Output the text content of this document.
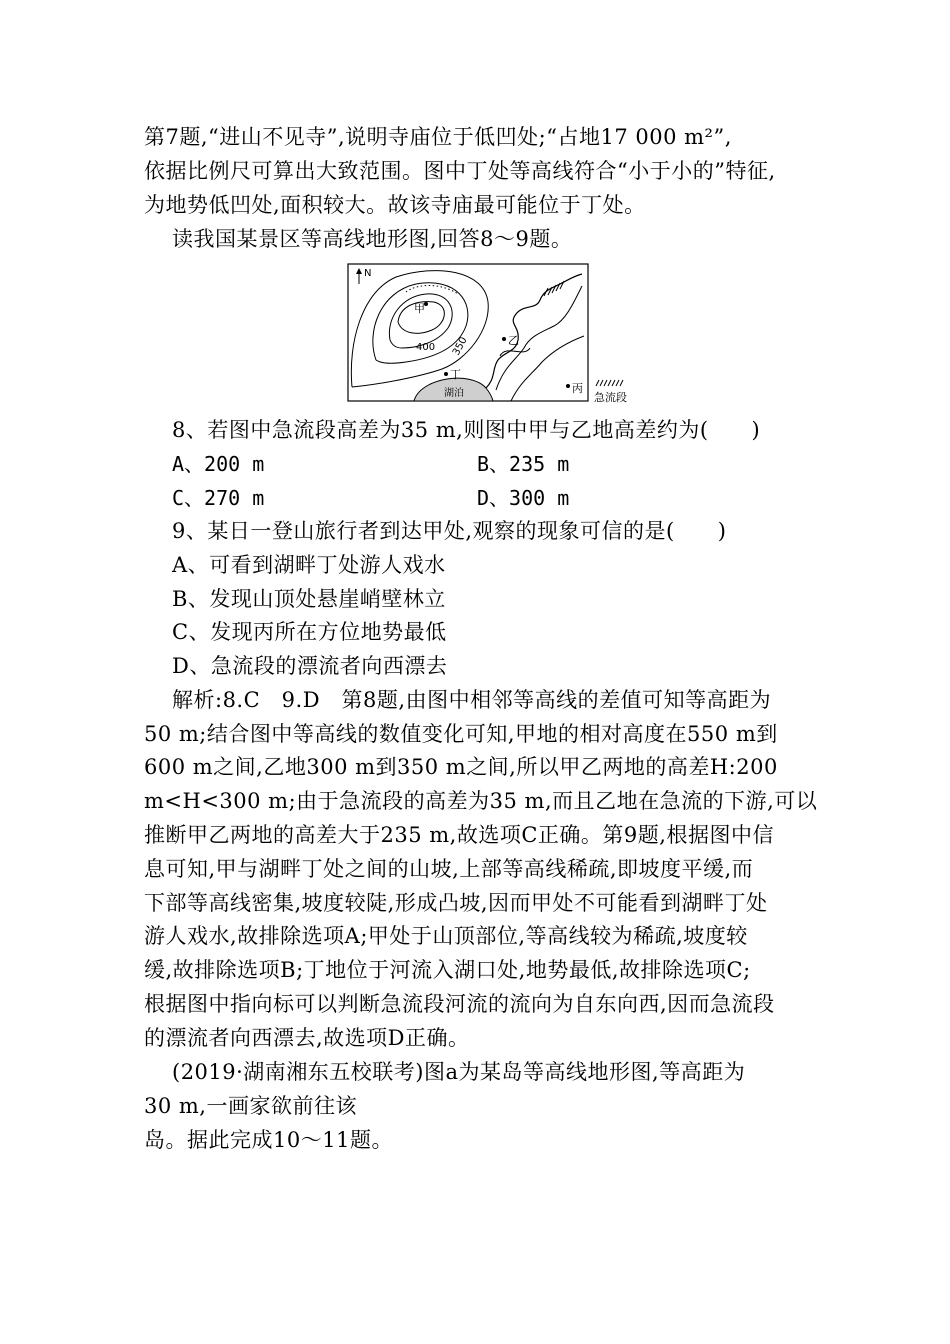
第7题,“进山不见寺”,说明寺庙位于低凹处;“占地17 000 m²”,
依据比例尺可算出大致范围。图中丁处等高线符合“小于小的”特征,
为地势低凹处,面积较大。故该寺庙最可能位于丁处。
读我国某景区等高线地形图,回答8～9题。
N
甲
乙
丁
丙
湖泊
400 350
急流段
8、若图中急流段高差为35 m,则图中甲与乙地高差约为(　　)
A、200 m	B、235 m
C、270 m	D、300 m
9、某日一登山旅行者到达甲处,观察的现象可信的是(　　)
A、可看到湖畔丁处游人戏水
B、发现山顶处悬崖峭壁林立
C、发现丙所在方位地势最低
D、急流段的漂流者向西漂去
解析:8.C　9.D　第8题,由图中相邻等高线的差值可知等高距为
50 m;结合图中等高线的数值变化可知,甲地的相对高度在550 m到
600 m之间,乙地300 m到350 m之间,所以甲乙两地的高差H:200
m<H<300 m;由于急流段的高差为35 m,而且乙地在急流的下游,可以
推断甲乙两地的高差大于235 m,故选项C正确。第9题,根据图中信
息可知,甲与湖畔丁处之间的山坡,上部等高线稀疏,即坡度平缓,而
下部等高线密集,坡度较陡,形成凸坡,因而甲处不可能看到湖畔丁处
游人戏水,故排除选项A;甲处于山顶部位,等高线较为稀疏,坡度较
缓,故排除选项B;丁地位于河流入湖口处,地势最低,故排除选项C;
根据图中指向标可以判断急流段河流的流向为自东向西,因而急流段
的漂流者向西漂去,故选项D正确。
(2019·湖南湘东五校联考)图a为某岛等高线地形图,等高距为
30 m,一画家欲前往该
岛。据此完成10～11题。
